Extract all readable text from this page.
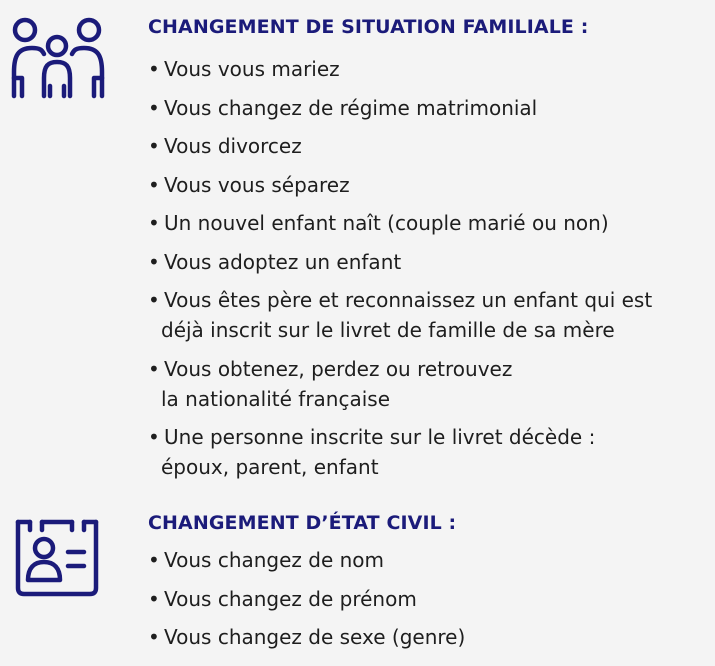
CHANGEMENT DE SITUATION FAMILIALE :
• Vous vous mariez
• Vous changez de régime matrimonial
• Vous divorcez
• Vous vous séparez
• Un nouvel enfant naît (couple marié ou non)
• Vous adoptez un enfant
• Vous êtes père et reconnaissez un enfant qui est
déjà inscrit sur le livret de famille de sa mère
• Vous obtenez, perdez ou retrouvez
la nationalité française
• Une personne inscrite sur le livret décède :
époux, parent, enfant
CHANGEMENT D’ÉTAT CIVIL :
• Vous changez de nom
• Vous changez de prénom
• Vous changez de sexe (genre)
